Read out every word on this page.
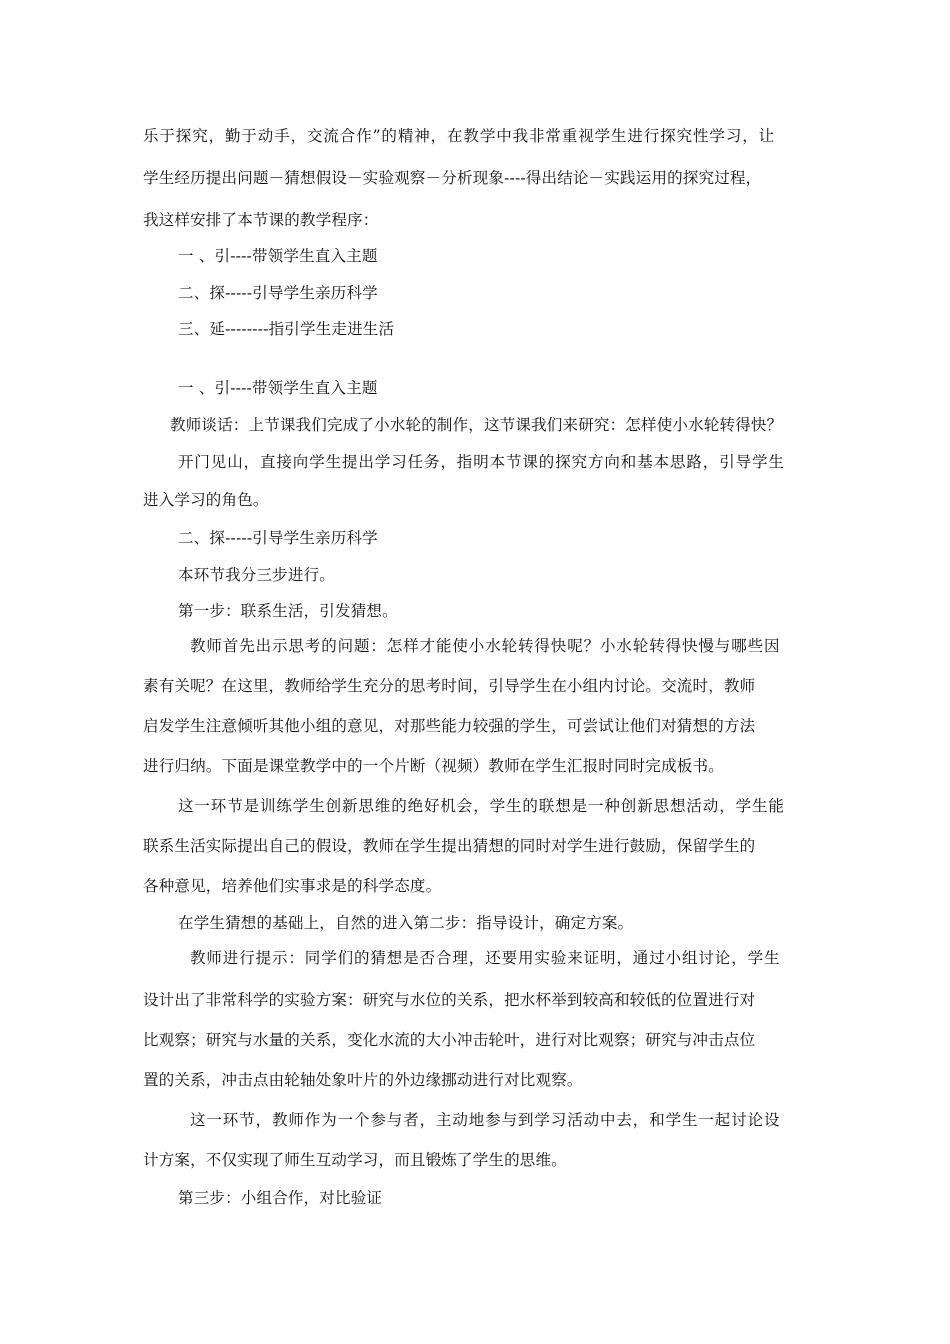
乐于探究，勤于动手，交流合作”的精神，在教学中我非常重视学生进行探究性学习，让
学生经历提出问题－猜想假设－实验观察－分析现象----得出结论－实践运用的探究过程，
我这样安排了本节课的教学程序：
一 、引----带领学生直入主题
二、探-----引导学生亲历科学
三、延--------指引学生走进生活
一 、引----带领学生直入主题
教师谈话：上节课我们完成了小水轮的制作，这节课我们来研究：怎样使小水轮转得快？
开门见山，直接向学生提出学习任务，指明本节课的探究方向和基本思路，引导学生
进入学习的角色。
二、探-----引导学生亲历科学
本环节我分三步进行。
第一步：联系生活，引发猜想。
教师首先出示思考的问题：怎样才能使小水轮转得快呢？小水轮转得快慢与哪些因
素有关呢？在这里，教师给学生充分的思考时间，引导学生在小组内讨论。交流时，教师
启发学生注意倾听其他小组的意见，对那些能力较强的学生，可尝试让他们对猜想的方法
进行归纳。下面是课堂教学中的一个片断（视频）教师在学生汇报时同时完成板书。
这一环节是训练学生创新思维的绝好机会，学生的联想是一种创新思想活动，学生能
联系生活实际提出自己的假设，教师在学生提出猜想的同时对学生进行鼓励，保留学生的
各种意见，培养他们实事求是的科学态度。
在学生猜想的基础上，自然的进入第二步：指导设计，确定方案。
教师进行提示：同学们的猜想是否合理，还要用实验来证明，通过小组讨论，学生
设计出了非常科学的实验方案：研究与水位的关系，把水杯举到较高和较低的位置进行对
比观察；研究与水量的关系，变化水流的大小冲击轮叶，进行对比观察；研究与冲击点位
置的关系，冲击点由轮轴处象叶片的外边缘挪动进行对比观察。
这一环节，教师作为一个参与者，主动地参与到学习活动中去，和学生一起讨论设
计方案，不仅实现了师生互动学习，而且锻炼了学生的思维。
第三步：小组合作，对比验证
